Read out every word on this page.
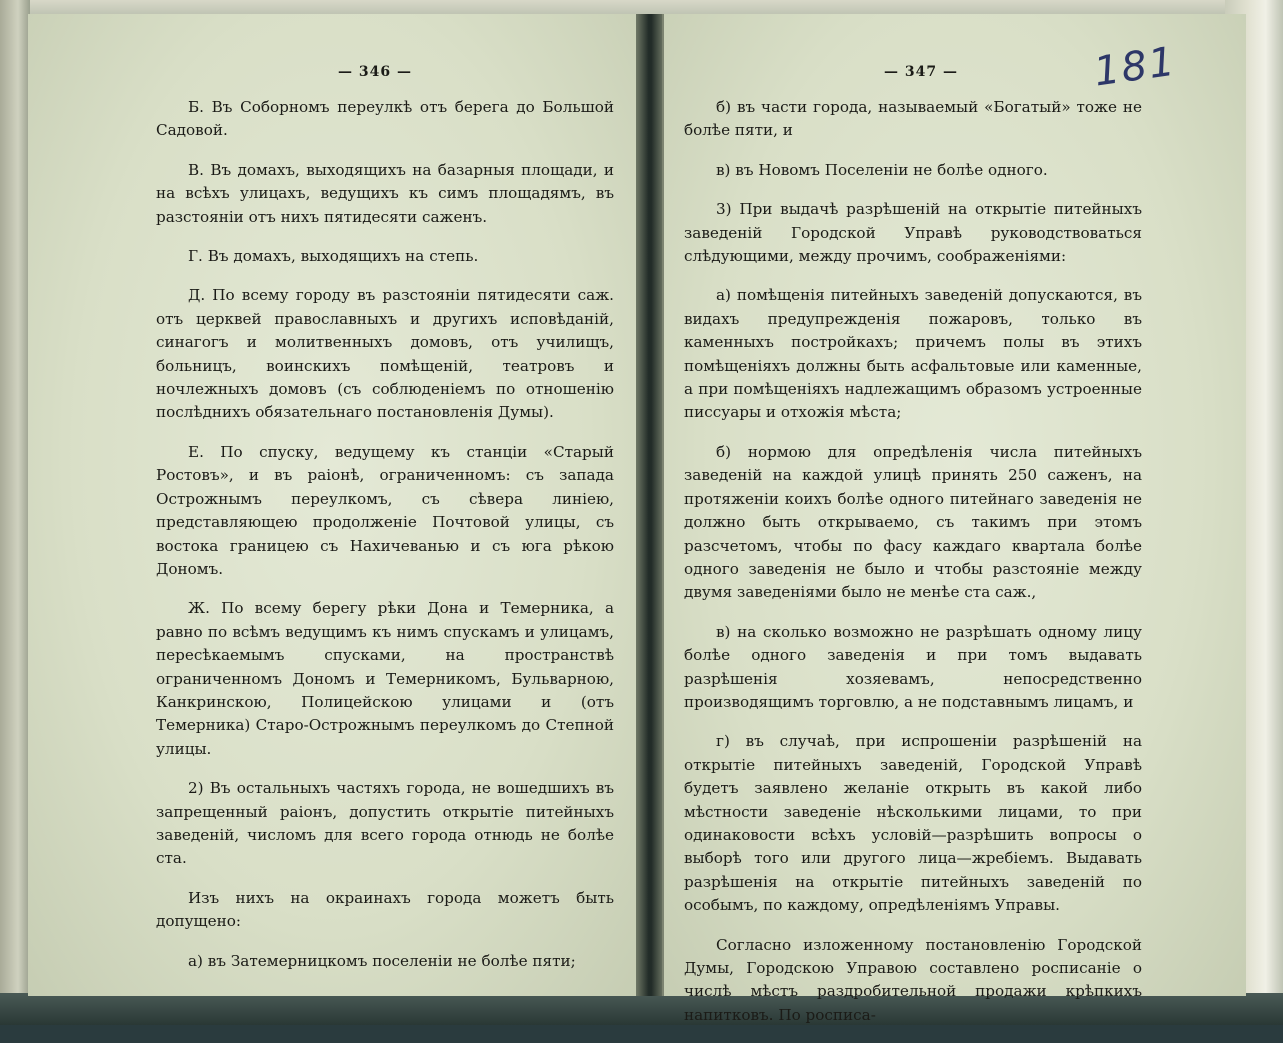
— 346 —

Б. Въ Соборномъ переулкѣ отъ берега до Большой Садовой.

В. Въ домахъ, выходящихъ на базарныя площади, и на всѣхъ улицахъ, ведущихъ къ симъ площадямъ, въ разстоянiи отъ нихъ пятидесяти саженъ.

Г. Въ домахъ, выходящихъ на степь.

Д. По всему городу въ разстоянiи пятидесяти саж. отъ церквей православныхъ и другихъ исповѣданiй, синагогъ и молитвенныхъ домовъ, отъ училищъ, больницъ, воинскихъ помѣщенiй, театровъ и ночлежныхъ домовъ (съ соблюденiемъ по отношенiю послѣднихъ обязательнаго постановленiя Думы).

Е. По спуску, ведущему къ станцiи «Старый Ростовъ», и въ раiонѣ, ограниченномъ: съ запада Острожнымъ переулкомъ, съ сѣвера линiею, представляющею продолженiе Почтовой улицы, съ востока границею съ Нахичеванью и съ юга рѣкою Дономъ.

Ж. По всему берегу рѣки Дона и Темерника, а равно по всѣмъ ведущимъ къ нимъ спускамъ и улицамъ, пересѣкаемымъ спусками, на пространствѣ ограниченномъ Дономъ и Темерникомъ, Бульварною, Канкринскою, Полицейскою улицами и (отъ Темерника) Старо-Острожнымъ переулкомъ до Степной улицы.

2) Въ остальныхъ частяхъ города, не вошедшихъ въ запрещенный раiонъ, допустить открытiе питейныхъ заведенiй, числомъ для всего города отнюдь не болѣе ста.

Изъ нихъ на окраинахъ города можетъ быть допущено:

а) въ Затемерницкомъ поселенiи не болѣе пяти;

— 347 —	181

б) въ части города, называемый «Богатый» тоже не болѣе пяти, и

в) въ Новомъ Поселенiи не болѣе одного.

3) При выдачѣ разрѣшенiй на открытiе питейныхъ заведенiй Городской Управѣ руководствоваться слѣдующими, между прочимъ, соображенiями:

а) помѣщенiя питейныхъ заведенiй допускаются, въ видахъ предупрежденiя пожаровъ, только въ каменныхъ постройкахъ; причемъ полы въ этихъ помѣщенiяхъ должны быть асфальтовые или каменные, а при помѣщенiяхъ надлежащимъ образомъ устроенные писсуары и отхожiя мѣста;

б) нормою для опредѣленiя числа питейныхъ заведенiй на каждой улицѣ принять 250 саженъ, на протяженiи коихъ болѣе одного питейнаго заведенiя не должно быть открываемо, съ такимъ при этомъ разсчетомъ, чтобы по фасу каждаго квартала болѣе одного заведенiя не было и чтобы разстоянiе между двумя заведенiями было не менѣе ста саж.,

в) на сколько возможно не разрѣшать одному лицу болѣе одного заведенiя и при томъ выдавать разрѣшенiя хозяевамъ, непосредственно производящимъ торговлю, а не подставнымъ лицамъ, и

г) въ случаѣ, при испрошенiи разрѣшенiй на открытiе питейныхъ заведенiй, Городской Управѣ будетъ заявлено желанiе открыть въ какой либо мѣстности заведенiе нѣсколькими лицами, то при одинаковости всѣхъ условiй—разрѣшить вопросы о выборѣ того или другого лица—жребiемъ. Выдавать разрѣшенiя на открытiе питейныхъ заведенiй по особымъ, по каждому, опредѣленiямъ Управы.

Согласно изложенному постановленiю Городской Думы, Городскою Управою составлено росписанiе о числѣ мѣстъ раздробительной продажи крѣпкихъ напитковъ. По росписа-
